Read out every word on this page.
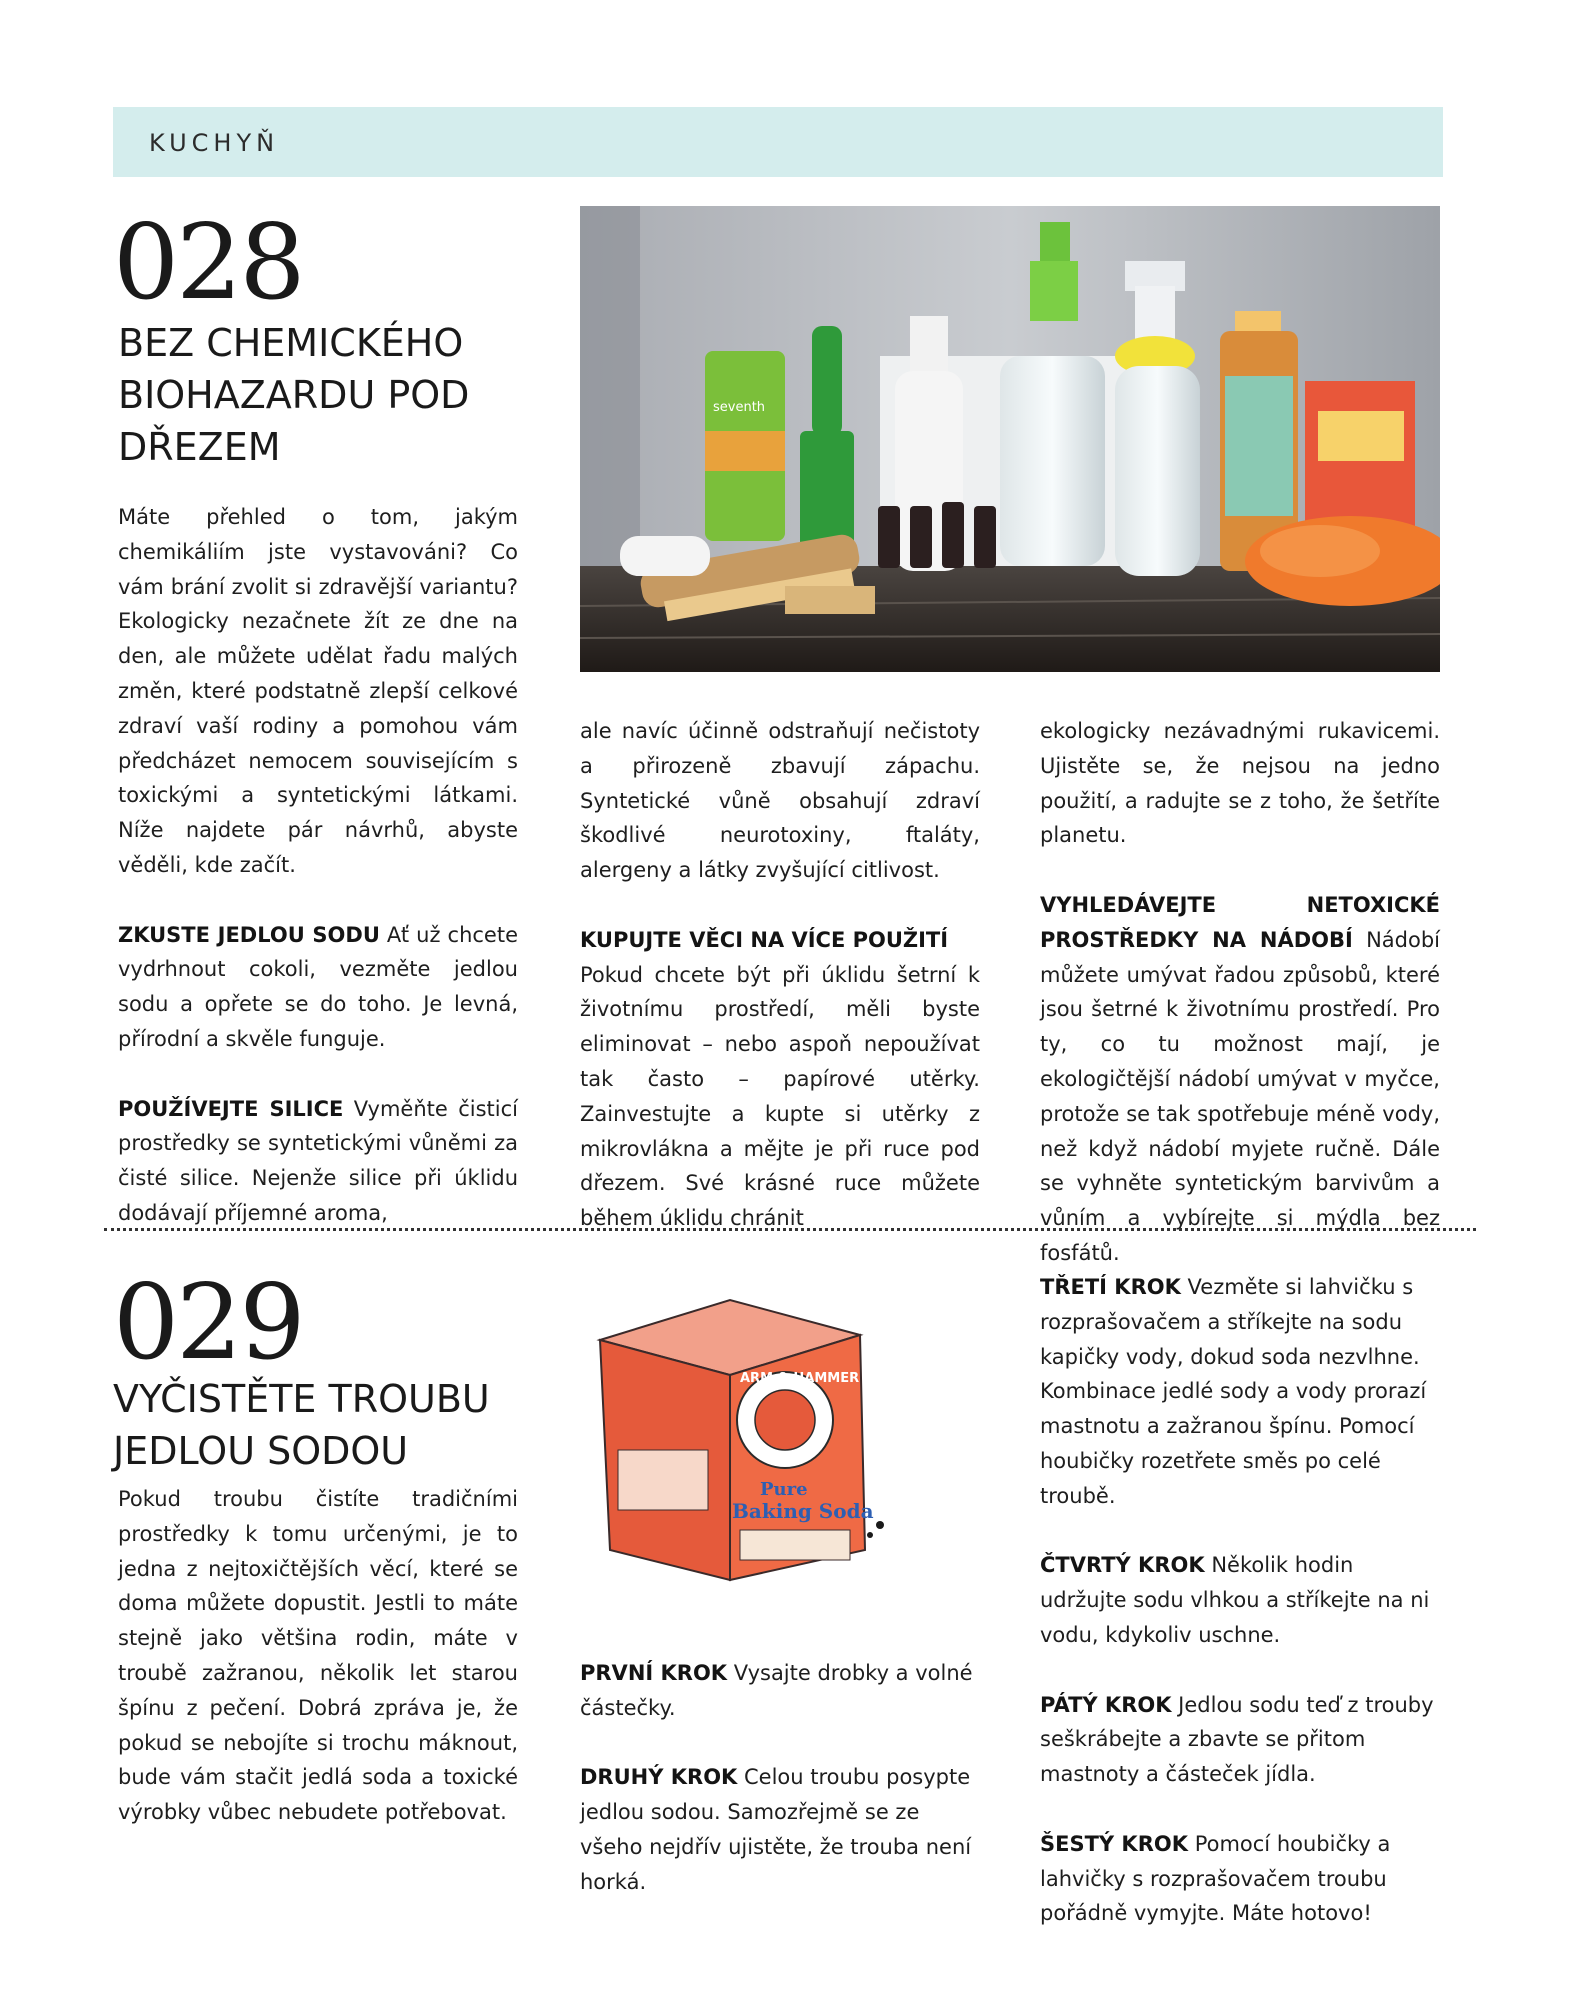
KUCHYŇ
028
BEZ CHEMICKÉHO
BIOHAZARDU POD
DŘEZEM
seventh

Máte přehled o tom, jakým chemikáliím jste vystavováni? Co vám brání zvolit si zdravější variantu? Ekologicky nezačnete žít ze dne na den, ale můžete udělat řadu malých změn, které podstatně zlepší celkové zdraví vaší rodiny a pomohou vám předcházet nemocem souvisejícím s toxickými a syntetickými látkami. Níže najdete pár návrhů, abyste věděli, kde začít.

ZKUSTE JEDLOU SODU Ať už chcete vydrhnout cokoli, vezměte jedlou sodu a opřete se do toho. Je levná, přírodní a skvěle funguje.

POUŽÍVEJTE SILICE Vyměňte čisticí prostředky se syntetickými vůněmi za čisté silice. Nejenže silice při úklidu dodávají příjemné aroma,

ale navíc účinně odstraňují nečistoty a přirozeně zbavují zápachu. Syntetické vůně obsahují zdraví škodlivé neurotoxiny, ftaláty, alergeny a látky zvyšující citlivost.

KUPUJTE VĚCI NA VÍCE POUŽITÍ
Pokud chcete být při úklidu šetrní k životnímu prostředí, měli byste eliminovat – nebo aspoň nepoužívat tak často – papírové utěrky. Zainvestujte a kupte si utěrky z mikrovlákna a mějte je při ruce pod dřezem. Své krásné ruce můžete během úklidu chránit

ekologicky nezávadnými rukavicemi. Ujistěte se, že nejsou na jedno použití, a radujte se z toho, že šetříte planetu.

VYHLEDÁVEJTE NETOXICKÉ PROSTŘEDKY NA NÁDOBÍ Nádobí můžete umývat řadou způsobů, které jsou šetrné k životnímu prostředí. Pro ty, co tu možnost mají, je ekologičtější nádobí umývat v myčce, protože se tak spotřebuje méně vody, než když nádobí myjete ručně. Dále se vyhněte syntetickým barvivům a vůním a vybírejte si mýdla bez fosfátů.

029
VYČISTĚTE TROUBU
JEDLOU SODOU

Pokud troubu čistíte tradičními prostředky k tomu určenými, je to jedna z nejtoxičtějších věcí, které se doma můžete dopustit. Jestli to máte stejně jako většina rodin, máte v troubě zažranou, několik let starou špínu z pečení. Dobrá zpráva je, že pokud se nebojíte si trochu máknout, bude vám stačit jedlá soda a toxické výrobky vůbec nebudete potřebovat.

ARM & HAMMER
Pure
Baking Soda

PRVNÍ KROK Vysajte drobky a volné částečky.

DRUHÝ KROK Celou troubu posypte jedlou sodou. Samozřejmě se ze všeho nejdřív ujistěte, že trouba není horká.

TŘETÍ KROK Vezměte si lahvičku s rozprašovačem a stříkejte na sodu kapičky vody, dokud soda nezvlhne. Kombinace jedlé sody a vody prorazí mastnotu a zažranou špínu. Pomocí houbičky rozetřete směs po celé troubě.

ČTVRTÝ KROK Několik hodin udržujte sodu vlhkou a stříkejte na ni vodu, kdykoliv uschne.

PÁTÝ KROK Jedlou sodu teď z trouby seškrábejte a zbavte se přitom mastnoty a částeček jídla.

ŠESTÝ KROK Pomocí houbičky a lahvičky s rozprašovačem troubu pořádně vymyjte. Máte hotovo!
